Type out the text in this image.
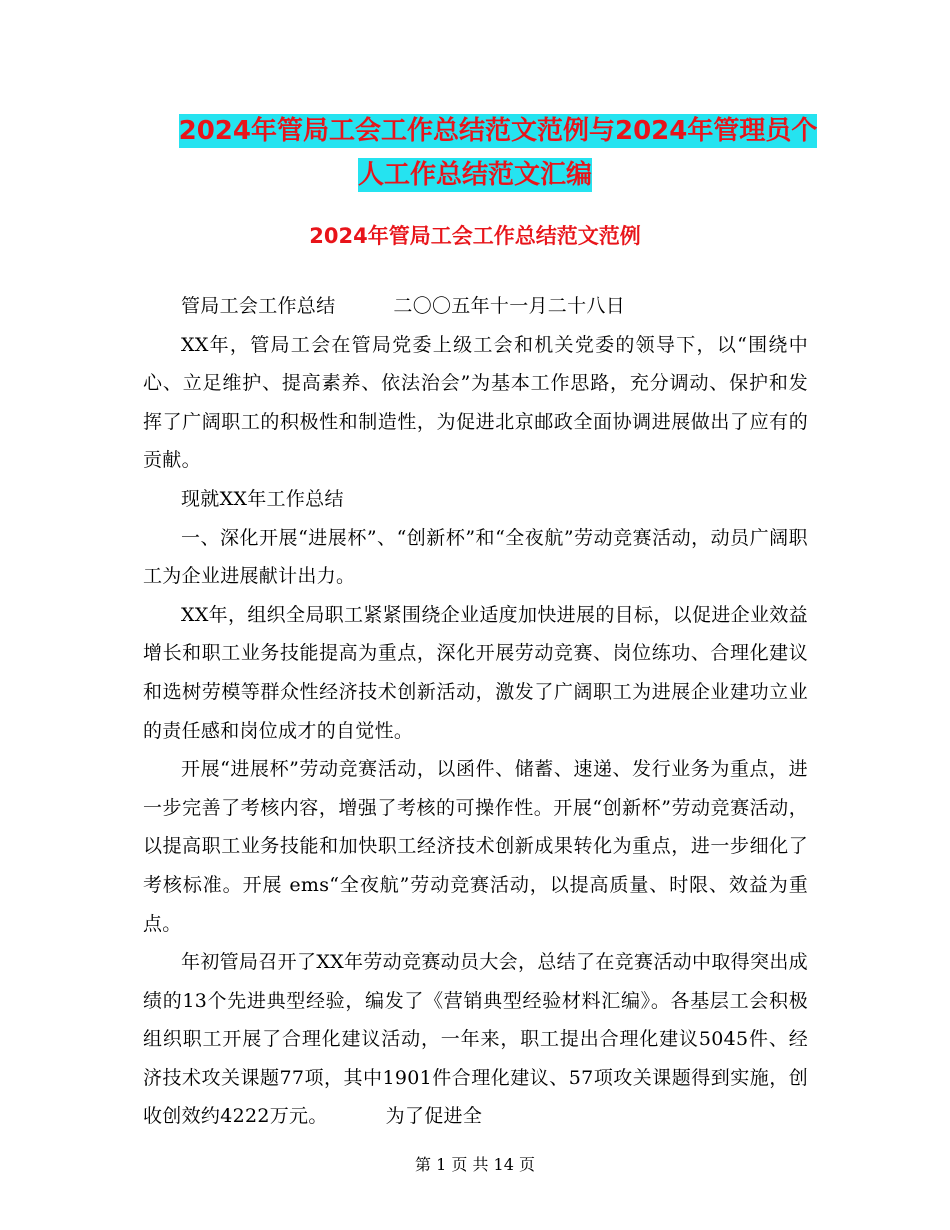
2024年管局工会工作总结范文范例与2024年管理员个
人工作总结范文汇编
2024年管局工会工作总结范文范例

管局工会工作总结	二〇〇五年十一月二十八日

XX年，管局工会在管局党委上级工会和机关党委的领导下，以“围绕中心、立足维护、提高素养、依法治会”为基本工作思路，充分调动、保护和发挥了广阔职工的积极性和制造性，为促进北京邮政全面协调进展做出了应有的贡献。

现就XX年工作总结

一、深化开展“进展杯”、“创新杯”和“全夜航”劳动竞赛活动，动员广阔职工为企业进展献计出力。

XX年，组织全局职工紧紧围绕企业适度加快进展的目标，以促进企业效益增长和职工业务技能提高为重点，深化开展劳动竞赛、岗位练功、合理化建议和选树劳模等群众性经济技术创新活动，激发了广阔职工为进展企业建功立业的责任感和岗位成才的自觉性。

开展“进展杯”劳动竞赛活动，以函件、储蓄、速递、发行业务为重点，进一步完善了考核内容，增强了考核的可操作性。开展“创新杯”劳动竞赛活动，以提高职工业务技能和加快职工经济技术创新成果转化为重点，进一步细化了考核标准。开展 ems“全夜航”劳动竞赛活动，以提高质量、时限、效益为重点。

年初管局召开了XX年劳动竞赛动员大会，总结了在竞赛活动中取得突出成绩的13个先进典型经验，编发了《营销典型经验材料汇编》。各基层工会积极组织职工开展了合理化建议活动，一年来，职工提出合理化建议5045件、经济技术攻关课题77项，其中1901件合理化建议、57项攻关课题得到实施，创收创效约4222万元。	为了促进全

第 1 页 共 14 页
